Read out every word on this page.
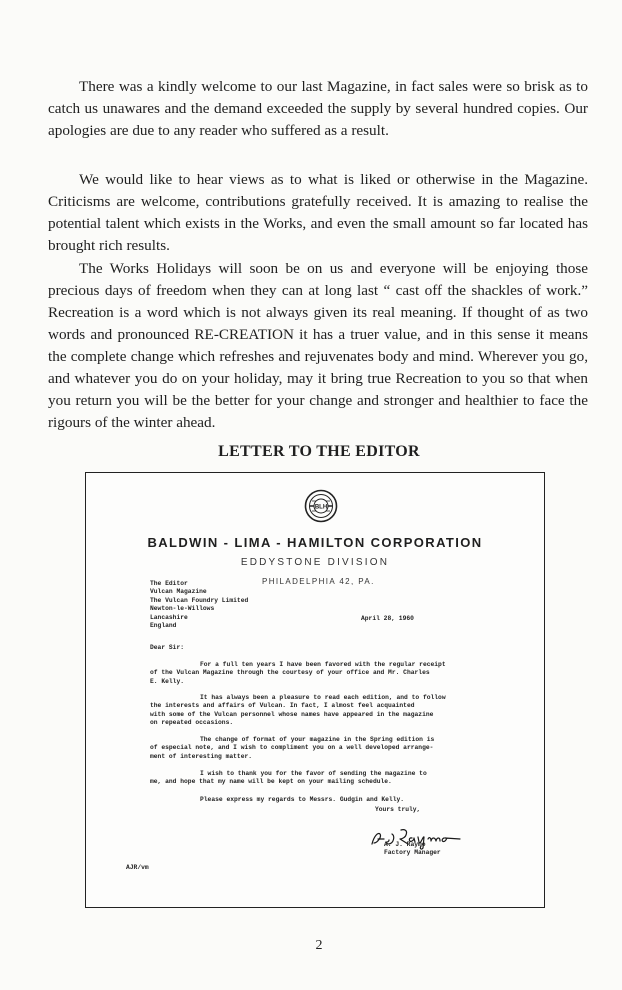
There was a kindly welcome to our last Magazine, in fact sales were so brisk as to catch us unawares and the demand exceeded the supply by several hundred copies. Our apologies are due to any reader who suffered as a result.

We would like to hear views as to what is liked or otherwise in the Magazine. Criticisms are welcome, contributions gratefully received. It is amazing to realise the potential talent which exists in the Works, and even the small amount so far located has brought rich results.

The Works Holidays will soon be on us and everyone will be enjoying those precious days of freedom when they can at long last “ cast off the shackles of work.” Recreation is a word which is not always given its real meaning. If thought of as two words and pronounced RE-CREATION it has a truer value, and in this sense it means the complete change which refreshes and rejuvenates body and mind. Wherever you go, and whatever you do on your holiday, may it bring true Recreation to you so that when you return you will be the better for your change and stronger and healthier to face the rigours of the winter ahead.

LETTER TO THE EDITOR
BLH

BALDWIN - LIMA - HAMILTON CORPORATION

EDDYSTONE DIVISION

PHILADELPHIA 42, PA.

The Editor
Vulcan Magazine
The Vulcan Foundry Limited
Newton-le-Willows
Lancashire
England

April 28, 1960

Dear Sir:

For a full ten years I have been favored with the regular receipt
of the Vulcan Magazine through the courtesy of your office and Mr. Charles
E. Kelly.

It has always been a pleasure to read each edition, and to follow
the interests and affairs of Vulcan. In fact, I almost feel acquainted
with some of the Vulcan personnel whose names have appeared in the magazine
on repeated occasions.

The change of format of your magazine in the Spring edition is
of especial note, and I wish to compliment you on a well developed arrange-
ment of interesting matter.

I wish to thank you for the favor of sending the magazine to
me, and hope that my name will be kept on your mailing schedule.

Please express my regards to Messrs. Gudgin and Kelly.

Yours truly,

A. J. Raymo
Factory Manager

AJR/vm

2
